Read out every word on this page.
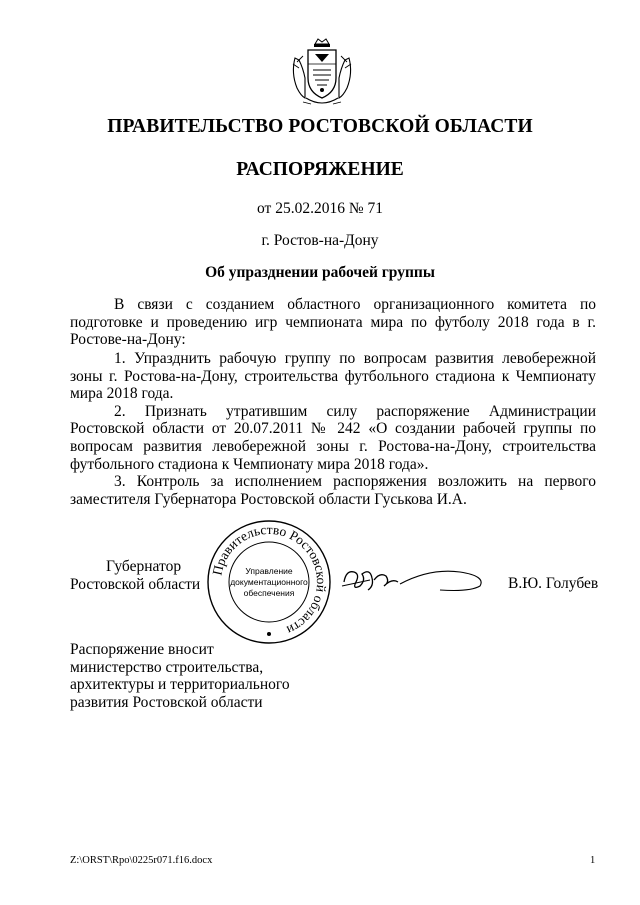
ПРАВИТЕЛЬСТВО РОСТОВСКОЙ ОБЛАСТИ
РАСПОРЯЖЕНИЕ
от 25.02.2016 № 71
г. Ростов-на-Дону
Об упразднении рабочей группы

В связи с созданием областного организационного комитета по подготовке и проведению игр чемпионата мира по футболу 2018 года в г. Ростове-на-Дону:

1. Упразднить рабочую группу по вопросам развития левобережной зоны г. Ростова-на-Дону, строительства футбольного стадиона к Чемпионату мира 2018 года.

2. Признать утратившим силу распоряжение Администрации Ростовской области от 20.07.2011 № 242 «О создании рабочей группы по вопросам развития левобережной зоны г. Ростова-на-Дону, строительства футбольного стадиона к Чемпионату мира 2018 года».

3. Контроль за исполнением распоряжения возложить на первого заместителя Губернатора Ростовской области Гуськова И.А.

Губернатор
Ростовской области
Правительство Ростовской области
Управление
документационного
обеспечения
В.Ю. Голубев
Распоряжение вносит
министерство строительства,
архитектуры и территориального
развития Ростовской области
Z:\ORST\Rpo\0225r071.f16.docx	1
